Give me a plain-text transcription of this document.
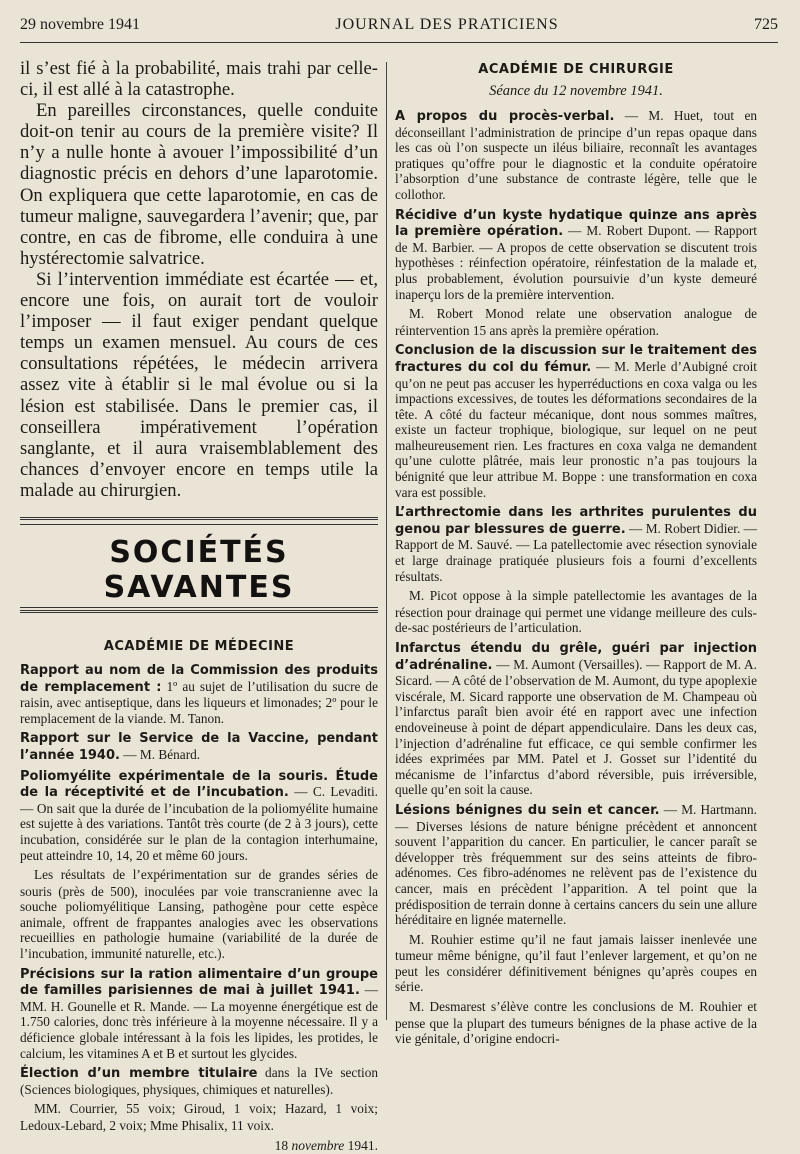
29 novembre 1941	JOURNAL DES PRATICIENS	725

il s’est fié à la probabilité, mais trahi par celle-ci, il est allé à la catastrophe.

En pareilles circonstances, quelle conduite doit-on tenir au cours de la première visite? Il n’y a nulle honte à avouer l’impossibilité d’un diagnostic précis en dehors d’une laparotomie. On expliquera que cette laparotomie, en cas de tumeur maligne, sauvegardera l’avenir; que, par contre, en cas de fibrome, elle conduira à une hystérectomie salvatrice.

Si l’intervention immédiate est écartée — et, encore une fois, on aurait tort de vouloir l’imposer — il faut exiger pendant quelque temps un examen mensuel. Au cours de ces consultations répétées, le médecin arrivera assez vite à établir si le mal évolue ou si la lésion est stabilisée. Dans le premier cas, il conseillera impérativement l’opération sanglante, et il aura vraisemblablement des chances d’envoyer encore en temps utile la malade au chirurgien.

SOCIÉTÉS SAVANTES
ACADÉMIE DE MÉDECINE

Rapport au nom de la Commission des produits de remplacement : 1º au sujet de l’utilisation du sucre de raisin, avec antiseptique, dans les liqueurs et limonades; 2º pour le remplacement de la viande. M. Tanon.

Rapport sur le Service de la Vaccine, pendant l’année 1940. — M. Bénard.

Poliomyélite expérimentale de la souris. Étude de la réceptivité et de l’incubation. — C. Levaditi. — On sait que la durée de l’incubation de la poliomyélite humaine est sujette à des variations. Tantôt très courte (de 2 à 3 jours), cette incubation, considérée sur le plan de la contagion interhumaine, peut atteindre 10, 14, 20 et même 60 jours.

Les résultats de l’expérimentation sur de grandes séries de souris (près de 500), inoculées par voie transcranienne avec la souche poliomyélitique Lansing, pathogène pour cette espèce animale, offrent de frappantes analogies avec les observations recueillies en pathologie humaine (variabilité de la durée de l’incubation, immunité naturelle, etc.).

Précisions sur la ration alimentaire d’un groupe de familles parisiennes de mai à juillet 1941. — MM. H. Gounelle et R. Mande. — La moyenne énergétique est de 1.750 calories, donc très inférieure à la moyenne nécessaire. Il y a déficience globale intéressant à la fois les lipides, les protides, le calcium, les vitamines A et B et surtout les glycides.

Élection d’un membre titulaire dans la IVe section (Sciences biologiques, physiques, chimiques et naturelles).

MM. Courrier, 55 voix; Giroud, 1 voix; Hazard, 1 voix; Ledoux-Lebard, 2 voix; Mme Phisalix, 11 voix.

18 novembre 1941.
ACADÉMIE DE CHIRURGIE
Séance du 12 novembre 1941.

A propos du procès-verbal. — M. Huet, tout en déconseillant l’administration de principe d’un repas opaque dans les cas où l’on suspecte un iléus biliaire, reconnaît les avantages pratiques qu’offre pour le diagnostic et la conduite opératoire l’absorption d’une substance de contraste légère, telle que le collothor.

Récidive d’un kyste hydatique quinze ans après la première opération. — M. Robert Dupont. — Rapport de M. Barbier. — A propos de cette observation se discutent trois hypothèses : réinfection opératoire, réinfestation de la malade et, plus probablement, évolution poursuivie d’un kyste demeuré inaperçu lors de la première intervention.

M. Robert Monod relate une observation analogue de réintervention 15 ans après la première opération.

Conclusion de la discussion sur le traitement des fractures du col du fémur. — M. Merle d’Aubigné croit qu’on ne peut pas accuser les hyperréductions en coxa valga ou les impactions excessives, de toutes les déformations secondaires de la tête. A côté du facteur mécanique, dont nous sommes maîtres, existe un facteur trophique, biologique, sur lequel on ne peut malheureusement rien. Les fractures en coxa valga ne demandent qu’une culotte plâtrée, mais leur pronostic n’a pas toujours la bénignité que leur attribue M. Boppe : une transformation en coxa vara est possible.

L’arthrectomie dans les arthrites purulentes du genou par blessures de guerre. — M. Robert Didier. — Rapport de M. Sauvé. — La patellectomie avec résection synoviale et large drainage pratiquée plusieurs fois a fourni d’excellents résultats.

M. Picot oppose à la simple patellectomie les avantages de la résection pour drainage qui permet une vidange meilleure des culs-de-sac postérieurs de l’articulation.

Infarctus étendu du grêle, guéri par injection d’adrénaline. — M. Aumont (Versailles). — Rapport de M. A. Sicard. — A côté de l’observation de M. Aumont, du type apoplexie viscérale, M. Sicard rapporte une observation de M. Champeau où l’infarctus paraît bien avoir été en rapport avec une infection endoveineuse à point de départ appendiculaire. Dans les deux cas, l’injection d’adrénaline fut efficace, ce qui semble confirmer les idées exprimées par MM. Patel et J. Gosset sur l’identité du mécanisme de l’infarctus d’abord réversible, puis irréversible, quelle qu’en soit la cause.

Lésions bénignes du sein et cancer. — M. Hartmann. — Diverses lésions de nature bénigne précèdent et annoncent souvent l’apparition du cancer. En particulier, le cancer paraît se développer très fréquemment sur des seins atteints de fibro-adénomes. Ces fibro-adénomes ne relèvent pas de l’existence du cancer, mais en précèdent l’apparition. A tel point que la prédisposition de terrain donne à certains cancers du sein une allure héréditaire en lignée maternelle.

M. Rouhier estime qu’il ne faut jamais laisser inenlevée une tumeur même bénigne, qu’il faut l’enlever largement, et qu’on ne peut les considérer définitivement bénignes qu’après coupes en série.

M. Desmarest s’élève contre les conclusions de M. Rouhier et pense que la plupart des tumeurs bénignes de la phase active de la vie génitale, d’origine endocri-
